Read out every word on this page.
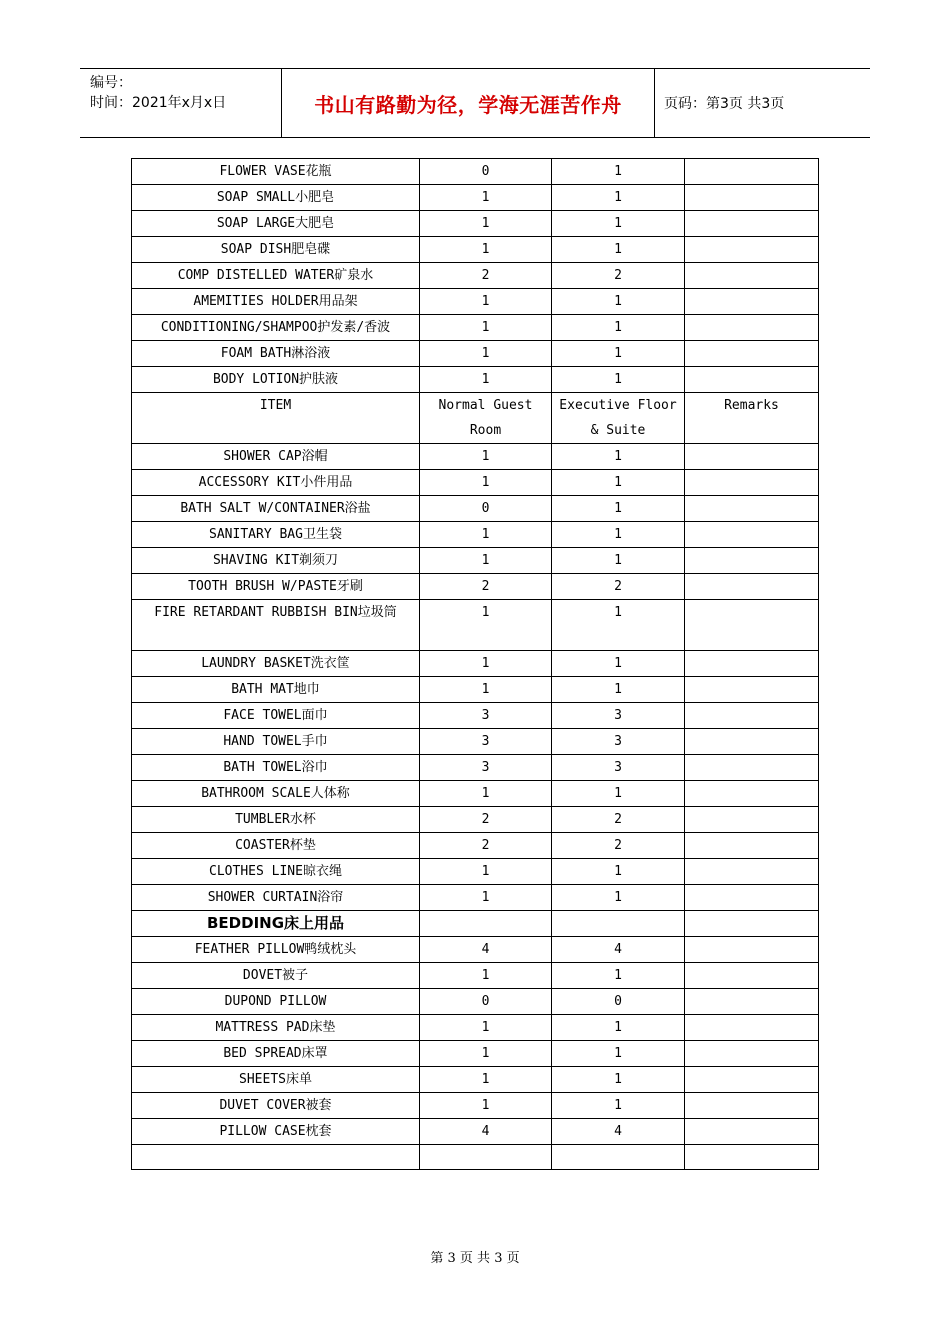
编号：
时间：2021年x月x日	书山有路勤为径，学海无涯苦作舟	页码：第3页 共3页
FLOWER VASE花瓶	0	1	
SOAP SMALL小肥皂	1	1	
SOAP LARGE大肥皂	1	1	
SOAP DISH肥皂碟	1	1	
COMP DISTELLED WATER矿泉水	2	2	
AMEMITIES HOLDER用品架	1	1	
CONDITIONING/SHAMPOO护发素/香波	1	1	
FOAM BATH淋浴液	1	1	
BODY LOTION护肤液	1	1	
ITEM	Normal Guest Room	Executive Floor & Suite	Remarks
SHOWER CAP浴帽	1	1	
ACCESSORY KIT小件用品	1	1	
BATH SALT W/CONTAINER浴盐	0	1	
SANITARY BAG卫生袋	1	1	
SHAVING KIT剃须刀	1	1	
TOOTH BRUSH W/PASTE牙刷	2	2	
FIRE RETARDANT RUBBISH BIN垃圾筒	1	1	
LAUNDRY BASKET洗衣筐	1	1	
BATH MAT地巾	1	1	
FACE TOWEL面巾	3	3	
HAND TOWEL手巾	3	3	
BATH TOWEL浴巾	3	3	
BATHROOM SCALE人体称	1	1	
TUMBLER水杯	2	2	
COASTER杯垫	2	2	
CLOTHES LINE晾衣绳	1	1	
SHOWER CURTAIN浴帘	1	1	
BEDDING床上用品			
FEATHER PILLOW鸭绒枕头	4	4	
DOVET被子	1	1	
DUPOND PILLOW	0	0	
MATTRESS PAD床垫	1	1	
BED SPREAD床罩	1	1	
SHEETS床单	1	1	
DUVET COVER被套	1	1	
PILLOW CASE枕套	4	4	

第 3 页 共 3 页
